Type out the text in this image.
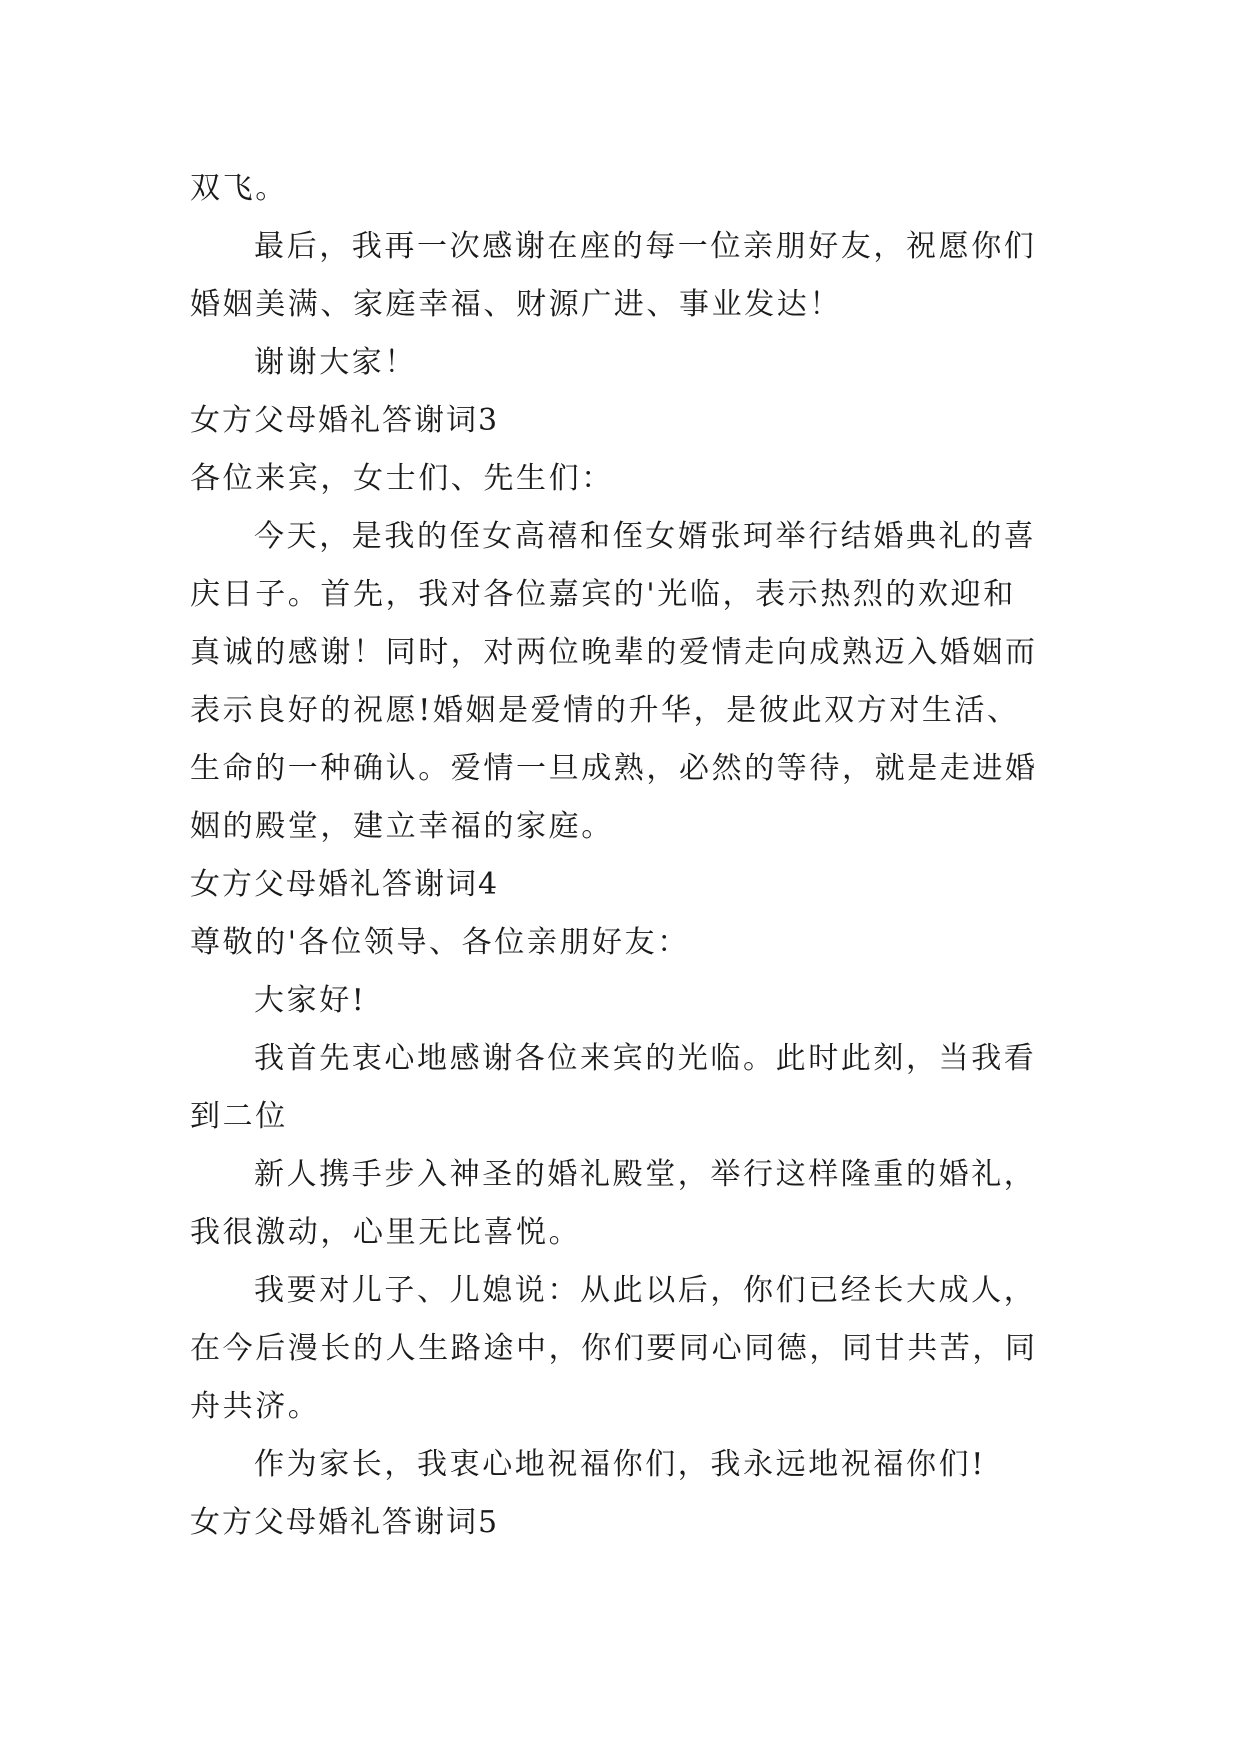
双飞。
最后，我再一次感谢在座的每一位亲朋好友，祝愿你们
婚姻美满、家庭幸福、财源广进、事业发达！
谢谢大家！
女方父母婚礼答谢词3
各位来宾，女士们、先生们：
今天，是我的侄女高禧和侄女婿张珂举行结婚典礼的喜
庆日子。首先，我对各位嘉宾的'光临，表示热烈的欢迎和
真诚的感谢！同时，对两位晚辈的爱情走向成熟迈入婚姻而
表示良好的祝愿!婚姻是爱情的升华，是彼此双方对生活、
生命的一种确认。爱情一旦成熟，必然的等待，就是走进婚
姻的殿堂，建立幸福的家庭。
女方父母婚礼答谢词4
尊敬的'各位领导、各位亲朋好友：
大家好!
我首先衷心地感谢各位来宾的光临。此时此刻，当我看
到二位
新人携手步入神圣的婚礼殿堂，举行这样隆重的婚礼，
我很激动，心里无比喜悦。
我要对儿子、儿媳说：从此以后，你们已经长大成人，
在今后漫长的人生路途中，你们要同心同德，同甘共苦，同
舟共济。
作为家长，我衷心地祝福你们，我永远地祝福你们!
女方父母婚礼答谢词5
